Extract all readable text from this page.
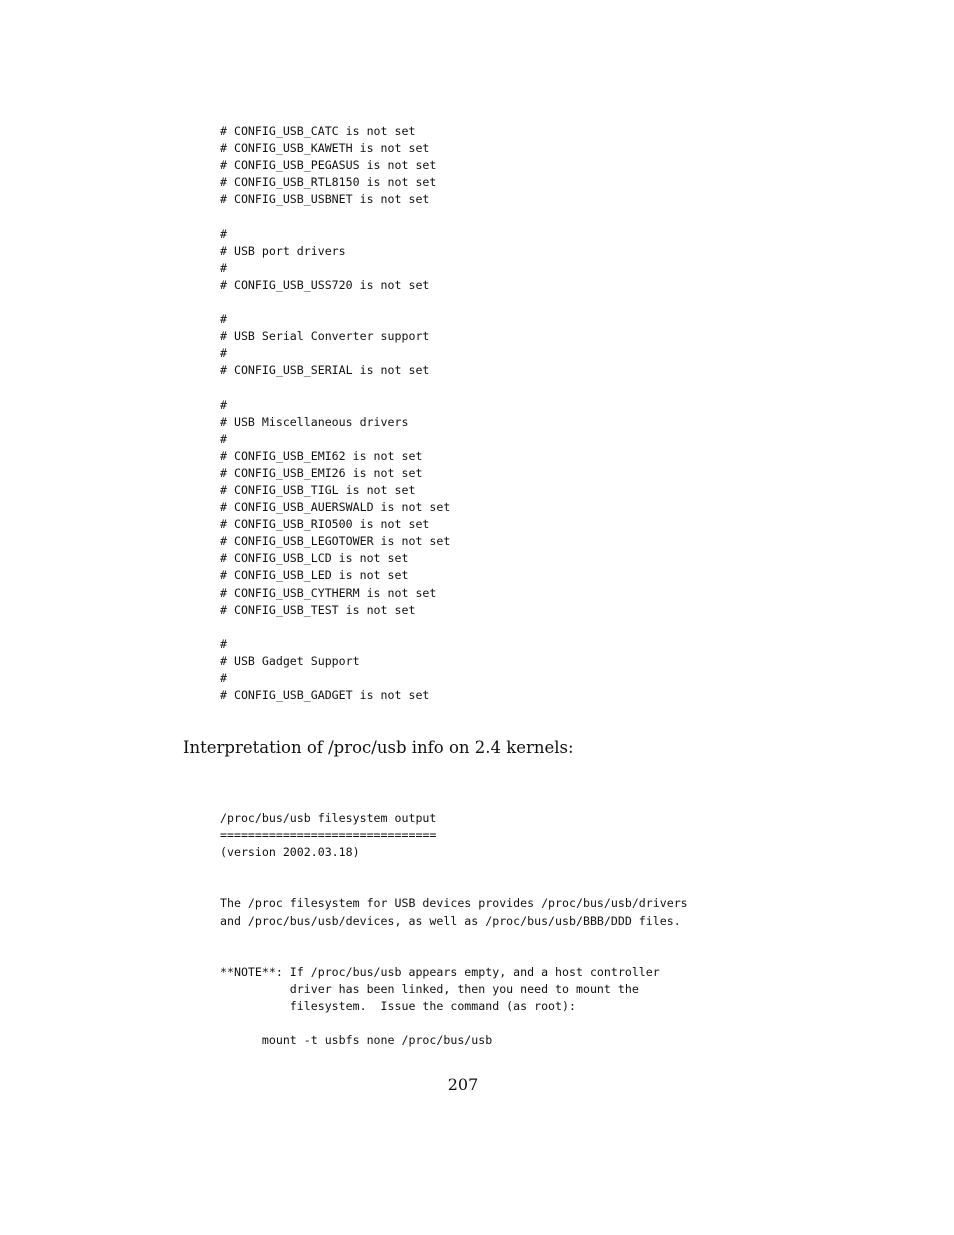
# CONFIG_USB_CATC is not set
# CONFIG_USB_KAWETH is not set
# CONFIG_USB_PEGASUS is not set
# CONFIG_USB_RTL8150 is not set
# CONFIG_USB_USBNET is not set

#
# USB port drivers
#
# CONFIG_USB_USS720 is not set

#
# USB Serial Converter support
#
# CONFIG_USB_SERIAL is not set

#
# USB Miscellaneous drivers
#
# CONFIG_USB_EMI62 is not set
# CONFIG_USB_EMI26 is not set
# CONFIG_USB_TIGL is not set
# CONFIG_USB_AUERSWALD is not set
# CONFIG_USB_RIO500 is not set
# CONFIG_USB_LEGOTOWER is not set
# CONFIG_USB_LCD is not set
# CONFIG_USB_LED is not set
# CONFIG_USB_CYTHERM is not set
# CONFIG_USB_TEST is not set

#
# USB Gadget Support
#
# CONFIG_USB_GADGET is not set

Interpretation of /proc/usb info on 2.4 kernels:

/proc/bus/usb filesystem output
===============================
(version 2002.03.18)

The /proc filesystem for USB devices provides /proc/bus/usb/drivers
and /proc/bus/usb/devices, as well as /proc/bus/usb/BBB/DDD files.

**NOTE**: If /proc/bus/usb appears empty, and a host controller
driver has been linked, then you need to mount the
filesystem.  Issue the command (as root):

mount -t usbfs none /proc/bus/usb
207
